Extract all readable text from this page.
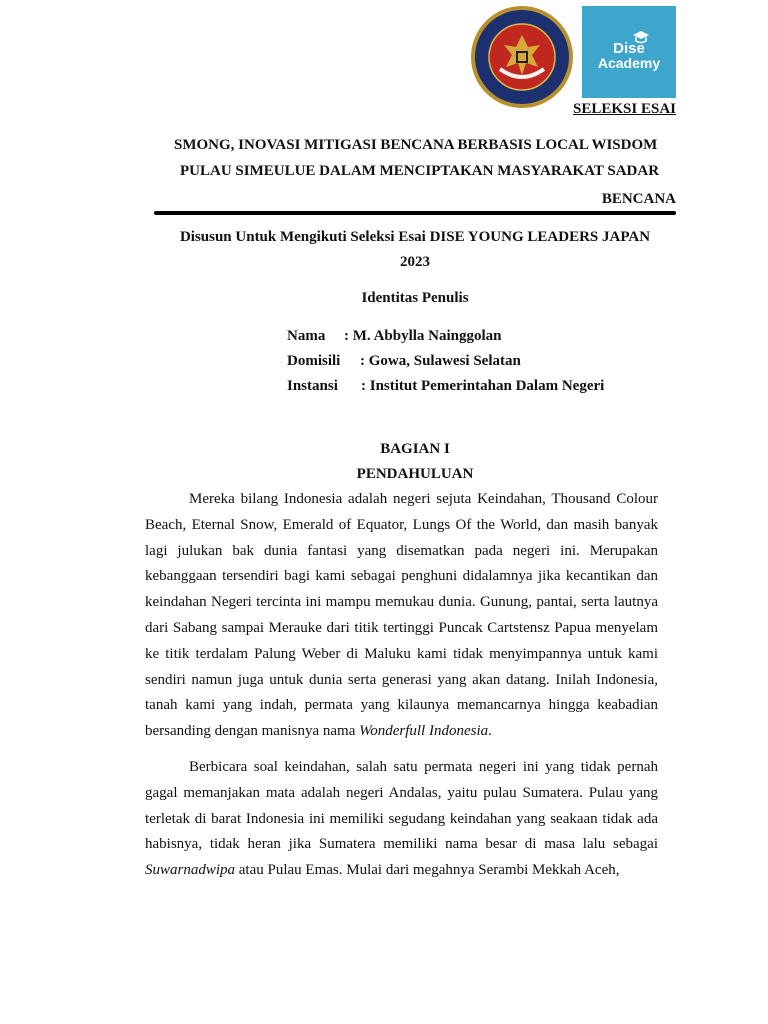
Dise
Academy
SELEKSI ESAI
SMONG, INOVASI MITIGASI BENCANA BERBASIS LOCAL WISDOM
PULAU SIMEULUE DALAM MENCIPTAKAN MASYARAKAT SADAR
BENCANA
Disusun Untuk Mengikuti Seleksi Esai DISE YOUNG LEADERS JAPAN
2023
Identitas Penulis
Nama : M. Abbylla Nainggolan
Domisili : Gowa, Sulawesi Selatan
Instansi : Institut Pemerintahan Dalam Negeri
BAGIAN I
PENDAHULUAN

Mereka bilang Indonesia adalah negeri sejuta Keindahan, Thousand Colour Beach, Eternal Snow, Emerald of Equator, Lungs Of the World, dan masih banyak lagi julukan bak dunia fantasi yang disematkan pada negeri ini. Merupakan kebanggaan tersendiri bagi kami sebagai penghuni didalamnya jika kecantikan dan keindahan Negeri tercinta ini mampu memukau dunia. Gunung, pantai, serta lautnya dari Sabang sampai Merauke dari titik tertinggi Puncak Cartstensz Papua menyelam ke titik terdalam Palung Weber di Maluku kami tidak menyimpannya untuk kami sendiri namun juga untuk dunia serta generasi yang akan datang. Inilah Indonesia, tanah kami yang indah, permata yang kilaunya memancarnya hingga keabadian bersanding dengan manisnya nama Wonderfull Indonesia.

Berbicara soal keindahan, salah satu permata negeri ini yang tidak pernah gagal memanjakan mata adalah negeri Andalas, yaitu pulau Sumatera. Pulau yang terletak di barat Indonesia ini memiliki segudang keindahan yang seakaan tidak ada habisnya, tidak heran jika Sumatera memiliki nama besar di masa lalu sebagai Suwarnadwipa atau Pulau Emas. Mulai dari megahnya Serambi Mekkah Aceh,
